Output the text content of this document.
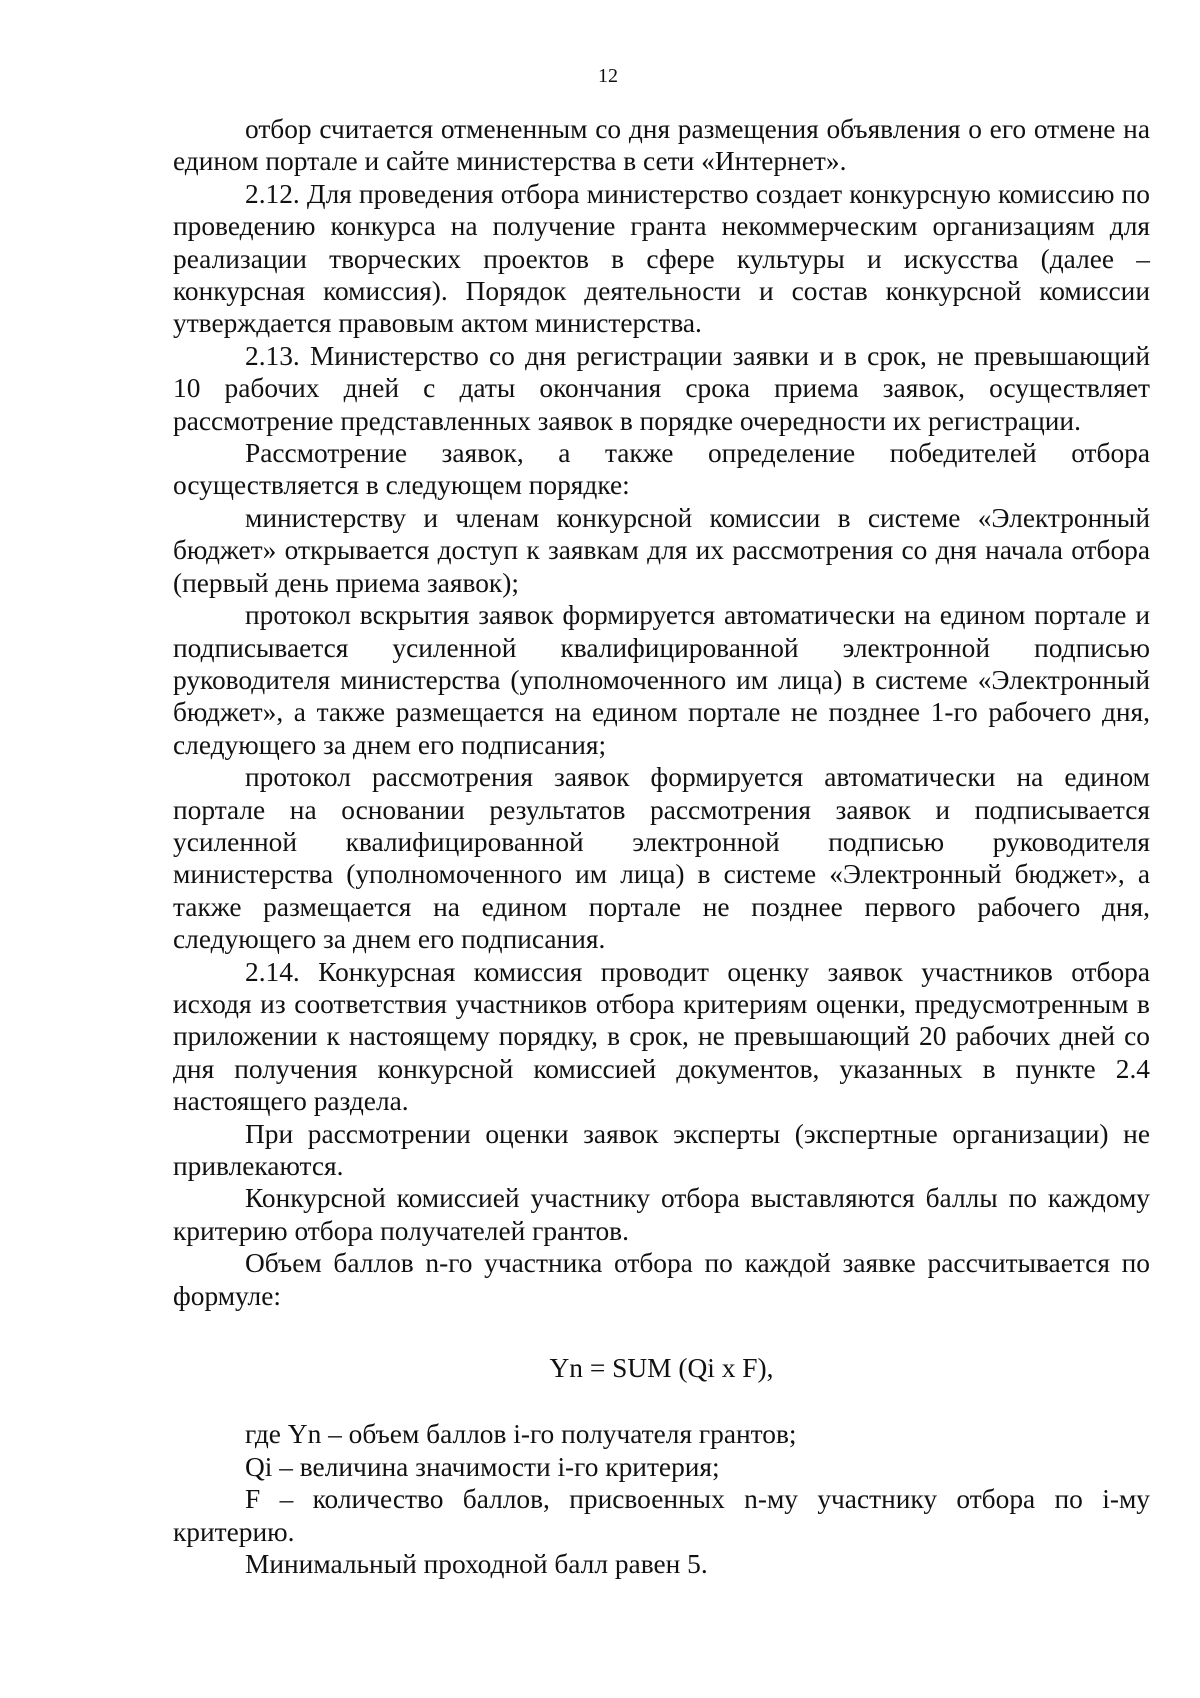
12

отбор считается отмененным со дня размещения объявления о его отмене на едином портале и сайте министерства в сети «Интернет».

2.12. Для проведения отбора министерство создает конкурсную комиссию по проведению конкурса на получение гранта некоммерческим организациям для реализации творческих проектов в сфере культуры и искусства (далее – конкурсная комиссия). Порядок деятельности и состав конкурсной комиссии утверждается правовым актом министерства.

2.13. Министерство со дня регистрации заявки и в срок, не превышающий 10 рабочих дней с даты окончания срока приема заявок, осуществляет рассмотрение представленных заявок в порядке очередности их регистрации.

Рассмотрение заявок, а также определение победителей отбора осуществляется в следующем порядке:

министерству и членам конкурсной комиссии в системе «Электронный бюджет» открывается доступ к заявкам для их рассмотрения со дня начала отбора (первый день приема заявок);

протокол вскрытия заявок формируется автоматически на едином портале и подписывается усиленной квалифицированной электронной подписью руководителя министерства (уполномоченного им лица) в системе «Электронный бюджет», а также размещается на едином портале не позднее 1-го рабочего дня, следующего за днем его подписания;

протокол рассмотрения заявок формируется автоматически на едином портале на основании результатов рассмотрения заявок и подписывается усиленной квалифицированной электронной подписью руководителя министерства (уполномоченного им лица) в системе «Электронный бюджет», а также размещается на едином портале не позднее первого рабочего дня, следующего за днем его подписания.

2.14. Конкурсная комиссия проводит оценку заявок участников отбора исходя из соответствия участников отбора критериям оценки, предусмотренным в приложении к настоящему порядку, в срок, не превышающий 20 рабочих дней со дня получения конкурсной комиссией документов, указанных в пункте 2.4 настоящего раздела.

При рассмотрении оценки заявок эксперты (экспертные организации) не привлекаются.

Конкурсной комиссией участнику отбора выставляются баллы по каждому критерию отбора получателей грантов.

Объем баллов n-го участника отбора по каждой заявке рассчитывается по формуле:

Yn = SUM (Qi x F),

где Yn – объем баллов i-го получателя грантов;

Qi – величина значимости i-го критерия;

F – количество баллов, присвоенных n-му участнику отбора по i-му критерию.

Минимальный проходной балл равен 5.
